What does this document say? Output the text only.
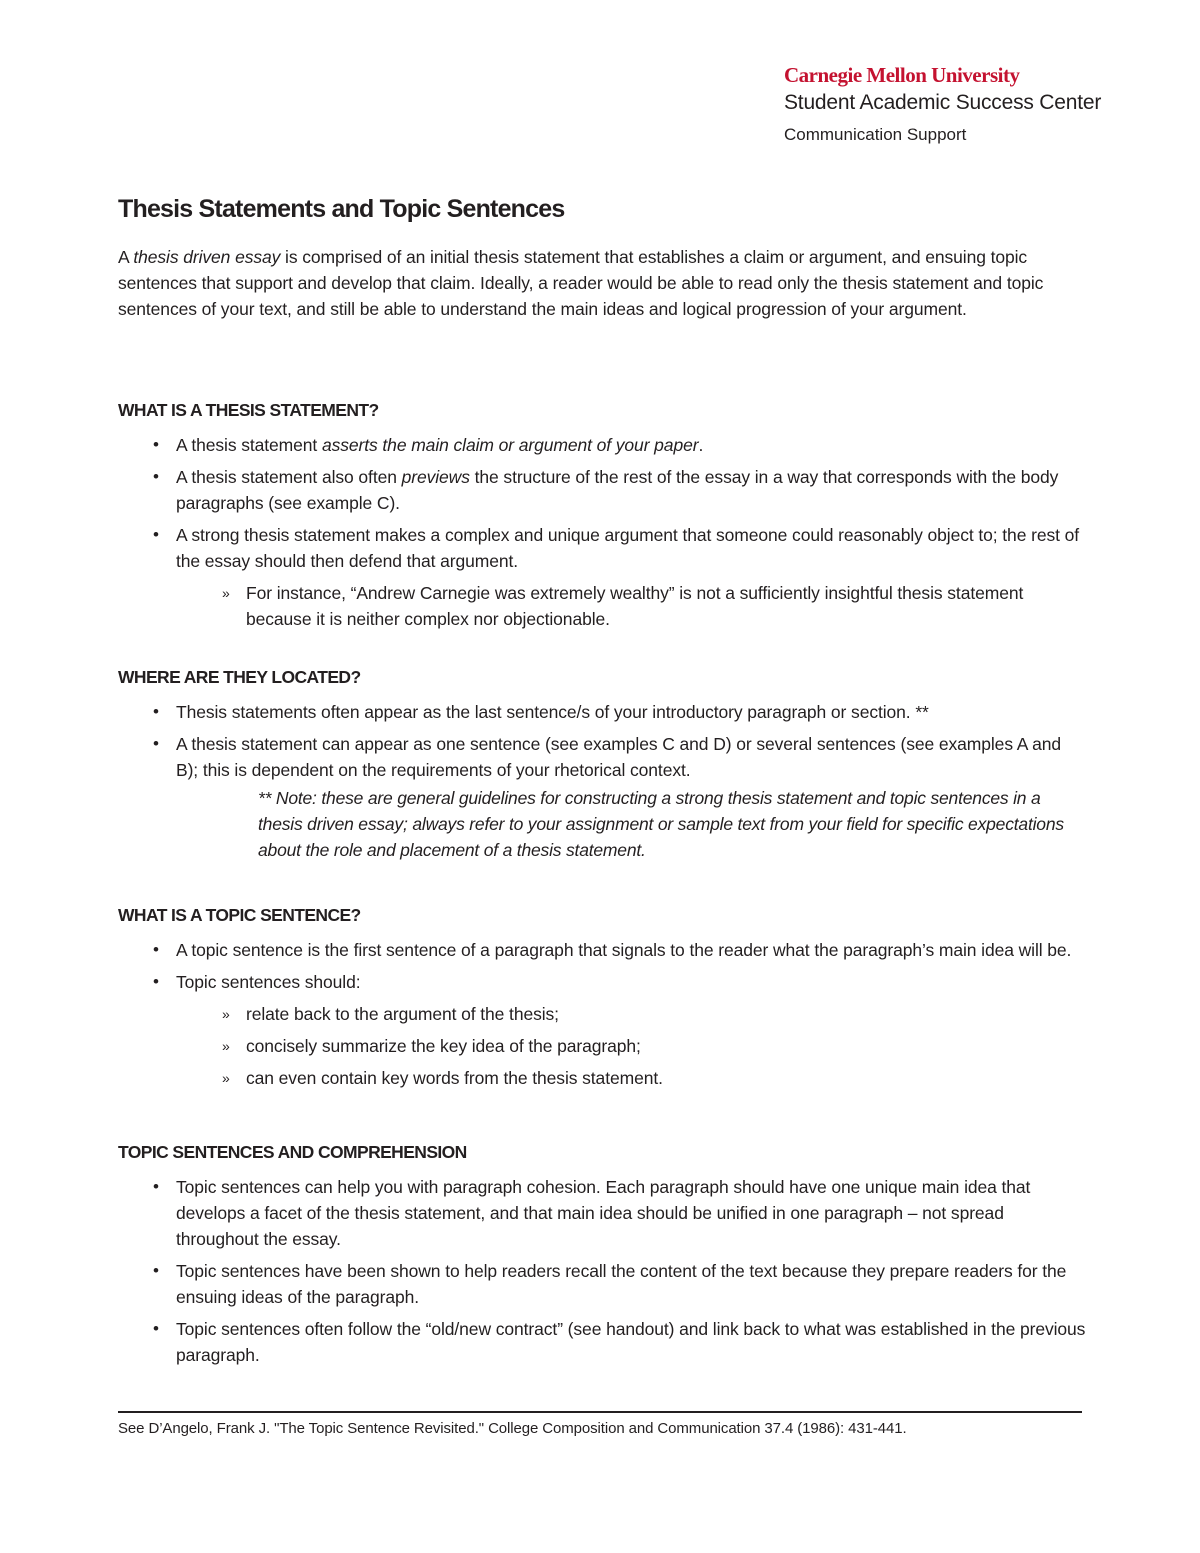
Carnegie Mellon University
Student Academic Success Center
Communication Support
Thesis Statements and Topic Sentences

A thesis driven essay is comprised of an initial thesis statement that establishes a claim or argument, and ensuing topic sentences that support and develop that claim. Ideally, a reader would be able to read only the thesis statement and topic sentences of your text, and still be able to understand the main ideas and logical progression of your argument.

WHAT IS A THESIS STATEMENT?
• A thesis statement asserts the main claim or argument of your paper.
• A thesis statement also often previews the structure of the rest of the essay in a way that corresponds with the body paragraphs (see example C).
• A strong thesis statement makes a complex and unique argument that someone could reasonably object to; the rest of the essay should then defend that argument.
» For instance, “Andrew Carnegie was extremely wealthy” is not a sufficiently insightful thesis statement because it is neither complex nor objectionable.
WHERE ARE THEY LOCATED?
• Thesis statements often appear as the last sentence/s of your introductory paragraph or section. **
• A thesis statement can appear as one sentence (see examples C and D) or several sentences (see examples A and B); this is dependent on the requirements of your rhetorical context.

** Note: these are general guidelines for constructing a strong thesis statement and topic sentences in a thesis driven essay; always refer to your assignment or sample text from your field for specific expectations about the role and placement of a thesis statement.

WHAT IS A TOPIC SENTENCE?
• A topic sentence is the first sentence of a paragraph that signals to the reader what the paragraph’s main idea will be.
• Topic sentences should:
» relate back to the argument of the thesis;
» concisely summarize the key idea of the paragraph;
» can even contain key words from the thesis statement.
TOPIC SENTENCES AND COMPREHENSION
• Topic sentences can help you with paragraph cohesion. Each paragraph should have one unique main idea that develops a facet of the thesis statement, and that main idea should be unified in one paragraph – not spread throughout the essay.
• Topic sentences have been shown to help readers recall the content of the text because they prepare readers for the ensuing ideas of the paragraph.
• Topic sentences often follow the “old/new contract” (see handout) and link back to what was established in the previous paragraph.
See D’Angelo, Frank J. "The Topic Sentence Revisited." College Composition and Communication 37.4 (1986): 431-441.
